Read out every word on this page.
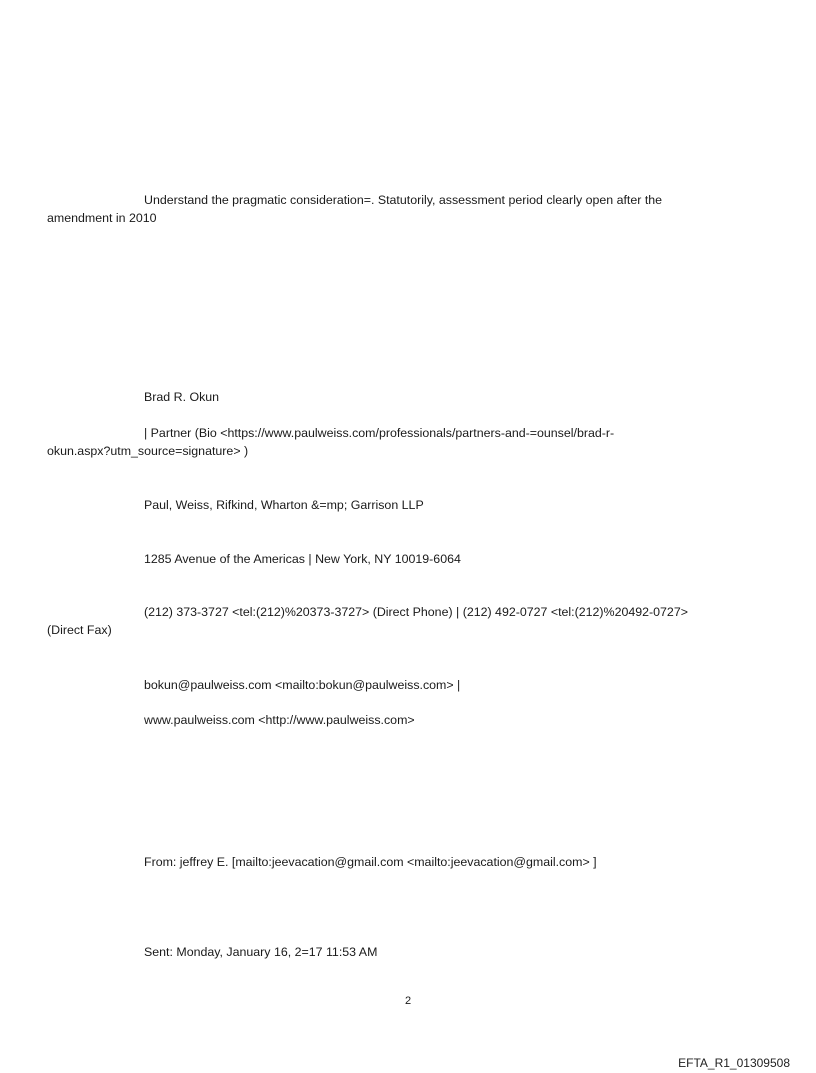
Understand the pragmatic consideration=. Statutorily, assessment period clearly open after the

amendment in 2010

Brad R. Okun

| Partner (Bio <https://www.paulweiss.com/professionals/partners-and-=ounsel/brad-r-

okun.aspx?utm_source=signature> )

Paul, Weiss, Rifkind, Wharton &=mp; Garrison LLP

1285 Avenue of the Americas | New York, NY 10019-6064

(212) 373-3727 <tel:(212)%20373-3727> (Direct Phone) | (212) 492-0727 <tel:(212)%20492-0727>

(Direct Fax)

bokun@paulweiss.com <mailto:bokun@paulweiss.com> |

www.paulweiss.com <http://www.paulweiss.com>

From: jeffrey E. [mailto:jeevacation@gmail.com <mailto:jeevacation@gmail.com> ]

Sent: Monday, January 16, 2=17 11:53 AM

2

EFTA_R1_01309508
